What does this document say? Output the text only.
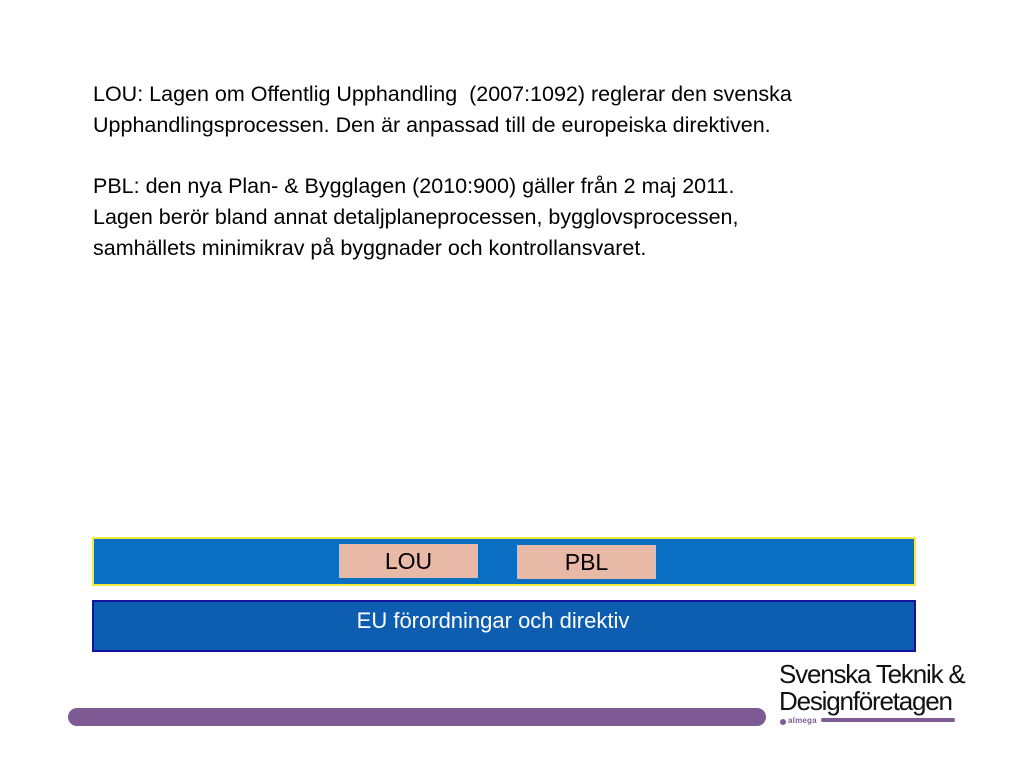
LOU: Lagen om Offentlig Upphandling  (2007:1092) reglerar den svenska
Upphandlingsprocessen. Den är anpassad till de europeiska direktiven.

PBL: den nya Plan- & Bygglagen (2010:900) gäller från 2 maj 2011.
Lagen berör bland annat detaljplaneprocessen, bygglovsprocessen,
samhällets minimikrav på byggnader och kontrollansvaret.

LOU	PBL
EU förordningar och direktiv
Svenska Teknik &
Designföretagen
almega
